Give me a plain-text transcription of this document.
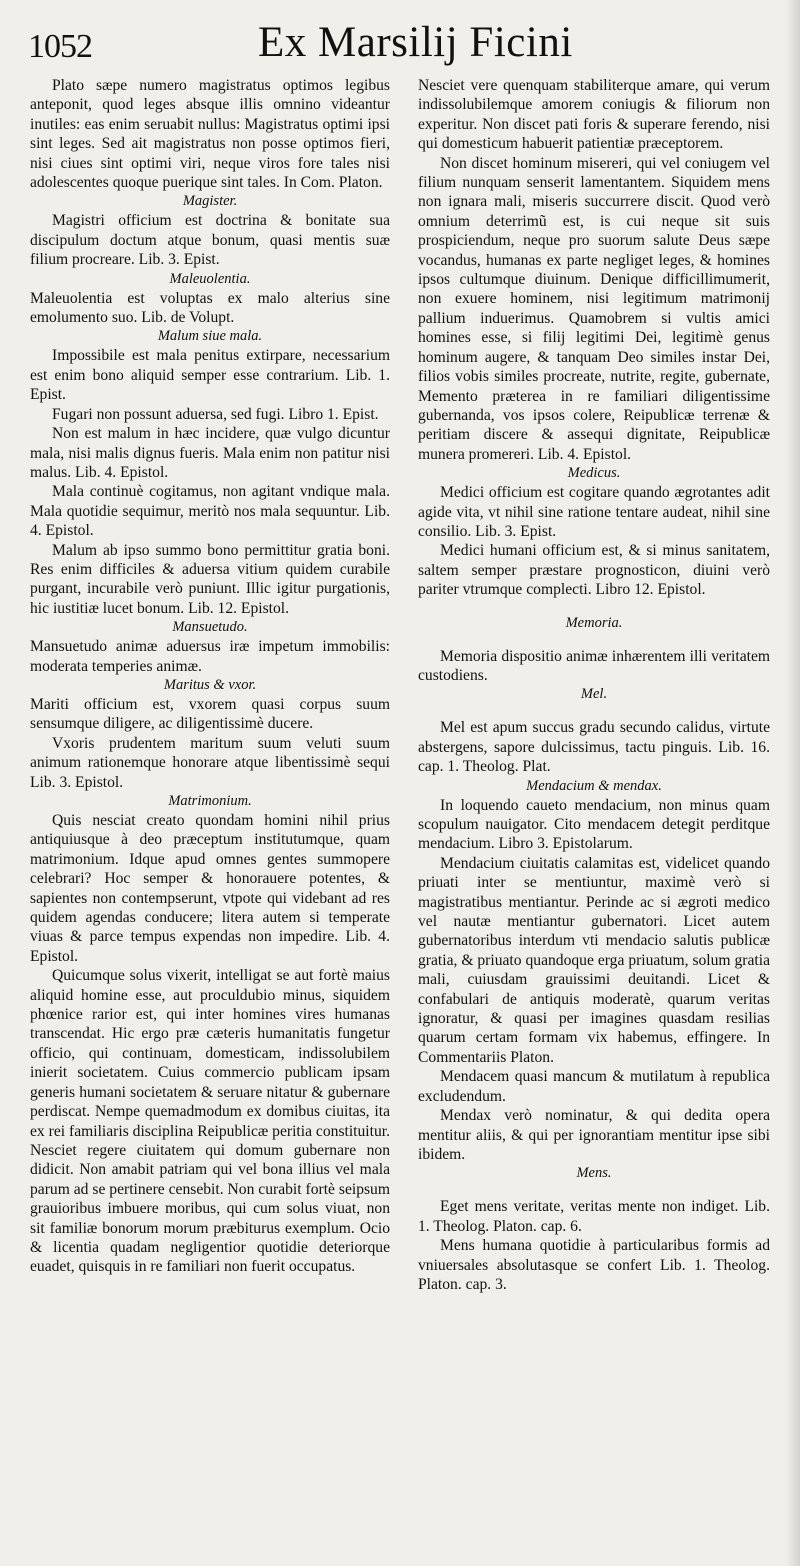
1052	Ex Marsilij Ficini

Plato sæpe numero magistratus optimos legibus anteponit, quod leges absque illis omnino videantur inutiles: eas enim seruabit nullus: Magistratus optimi ipsi sint leges. Sed ait magistratus non posse optimos fieri, nisi ciues sint optimi viri, neque viros fore tales nisi adolescentes quoque puerique sint tales. In Com. Platon.

Magister.

Magistri officium est doctrina & bonitate sua discipulum doctum atque bonum, quasi mentis suæ filium procreare. Lib. 3. Epist.

Maleuolentia.

Maleuolentia est voluptas ex malo alterius sine emolumento suo. Lib. de Volupt.

Malum siue mala.

Impossibile est mala penitus extirpare, necessarium est enim bono aliquid semper esse contrarium. Lib. 1. Epist.

Fugari non possunt aduersa, sed fugi. Libro 1. Epist.

Non est malum in hæc incidere, quæ vulgo dicuntur mala, nisi malis dignus fueris. Mala enim non patitur nisi malus. Lib. 4. Epistol.

Mala continuè cogitamus, non agitant vndique mala. Mala quotidie sequimur, meritò nos mala sequuntur. Lib. 4. Epistol.

Malum ab ipso summo bono permittitur gratia boni. Res enim difficiles & aduersa vitium quidem curabile purgant, incurabile verò puniunt. Illic igitur purgationis, hic iustitiæ lucet bonum. Lib. 12. Epistol.

Mansuetudo.

Mansuetudo animæ aduersus iræ impetum immobilis: moderata temperies animæ.

Maritus & vxor.

Mariti officium est, vxorem quasi corpus suum sensumque diligere, ac diligentissimè ducere.

Vxoris prudentem maritum suum veluti suum animum rationemque honorare atque libentissimè sequi Lib. 3. Epistol.

Matrimonium.

Quis nesciat creato quondam homini nihil prius antiquiusque à deo præceptum institutumque, quam matrimonium. Idque apud omnes gentes summopere celebrari? Hoc semper & honorauere potentes, & sapientes non contempserunt, vtpote qui videbant ad res quidem agendas conducere; litera autem si temperate viuas & parce tempus expendas non impedire. Lib. 4. Epistol.

Quicumque solus vixerit, intelligat se aut fortè maius aliquid homine esse, aut proculdubio minus, siquidem phœnice rarior est, qui inter homines vires humanas transcendat. Hic ergo præ cæteris humanitatis fungetur officio, qui continuam, domesticam, indissolubilem inierit societatem. Cuius commercio publicam ipsam generis humani societatem & seruare nitatur & gubernare perdiscat. Nempe quemadmodum ex domibus ciuitas, ita ex rei familiaris disciplina Reipublicæ peritia constituitur. Nesciet regere ciuitatem qui domum gubernare non didicit. Non amabit patriam qui vel bona illius vel mala parum ad se pertinere censebit. Non curabit fortè seipsum grauioribus imbuere moribus, qui cum solus viuat, non sit familiæ bonorum morum præbiturus exemplum. Ocio & licentia quadam negligentior quotidie deteriorque euadet, quisquis in re familiari non fuerit occupatus.

Nesciet vere quenquam stabiliterque amare, qui verum indissolubilemque amorem coniugis & filiorum non experitur. Non discet pati foris & superare ferendo, nisi qui domesticum habuerit patientiæ præceptorem.

Non discet hominum misereri, qui vel coniugem vel filium nunquam senserit lamentantem. Siquidem mens non ignara mali, miseris succurrere discit. Quod verò omnium deterrimũ est, is cui neque sit suis prospiciendum, neque pro suorum salute Deus sæpe vocandus, humanas ex parte negliget leges, & homines ipsos cultumque diuinum. Denique difficillimumerit, non exuere hominem, nisi legitimum matrimonij pallium induerimus. Quamobrem si vultis amici homines esse, si filij legitimi Dei, legitimè genus hominum augere, & tanquam Deo similes instar Dei, filios vobis similes procreate, nutrite, regite, gubernate, Memento præterea in re familiari diligentissime gubernanda, vos ipsos colere, Reipublicæ terrenæ & peritiam discere & assequi dignitate, Reipublicæ munera promereri. Lib. 4. Epistol.

Medicus.

Medici officium est cogitare quando ægrotantes adit agide vita, vt nihil sine ratione tentare audeat, nihil sine consilio. Lib. 3. Epist.

Medici humani officium est, & si minus sanitatem, saltem semper præstare prognosticon, diuini verò pariter vtrumque complecti. Libro 12. Epistol.

Memoria.

Memoria dispositio animæ inhærentem illi veritatem custodiens.

Mel.

Mel est apum succus gradu secundo calidus, virtute abstergens, sapore dulcissimus, tactu pinguis. Lib. 16. cap. 1. Theolog. Plat.

Mendacium & mendax.

In loquendo caueto mendacium, non minus quam scopulum nauigator. Cito mendacem detegit perditque mendacium. Libro 3. Epistolarum.

Mendacium ciuitatis calamitas est, videlicet quando priuati inter se mentiuntur, maximè verò si magistratibus mentiantur. Perinde ac si ægroti medico vel nautæ mentiantur gubernatori. Licet autem gubernatoribus interdum vti mendacio salutis publicæ gratia, & priuato quandoque erga priuatum, solum gratia mali, cuiusdam grauissimi deuitandi. Licet & confabulari de antiquis moderatè, quarum veritas ignoratur, & quasi per imagines quasdam resilias quarum certam formam vix habemus, effingere. In Commentariis Platon.

Mendacem quasi mancum & mutilatum à republica excludendum.

Mendax verò nominatur, & qui dedita opera mentitur aliis, & qui per ignorantiam mentitur ipse sibi ibidem.

Mens.

Eget mens veritate, veritas mente non indiget. Lib. 1. Theolog. Platon. cap. 6.

Mens humana quotidie à particularibus formis ad vniuersales absolutasque se confert Lib. 1. Theolog. Platon. cap. 3.
